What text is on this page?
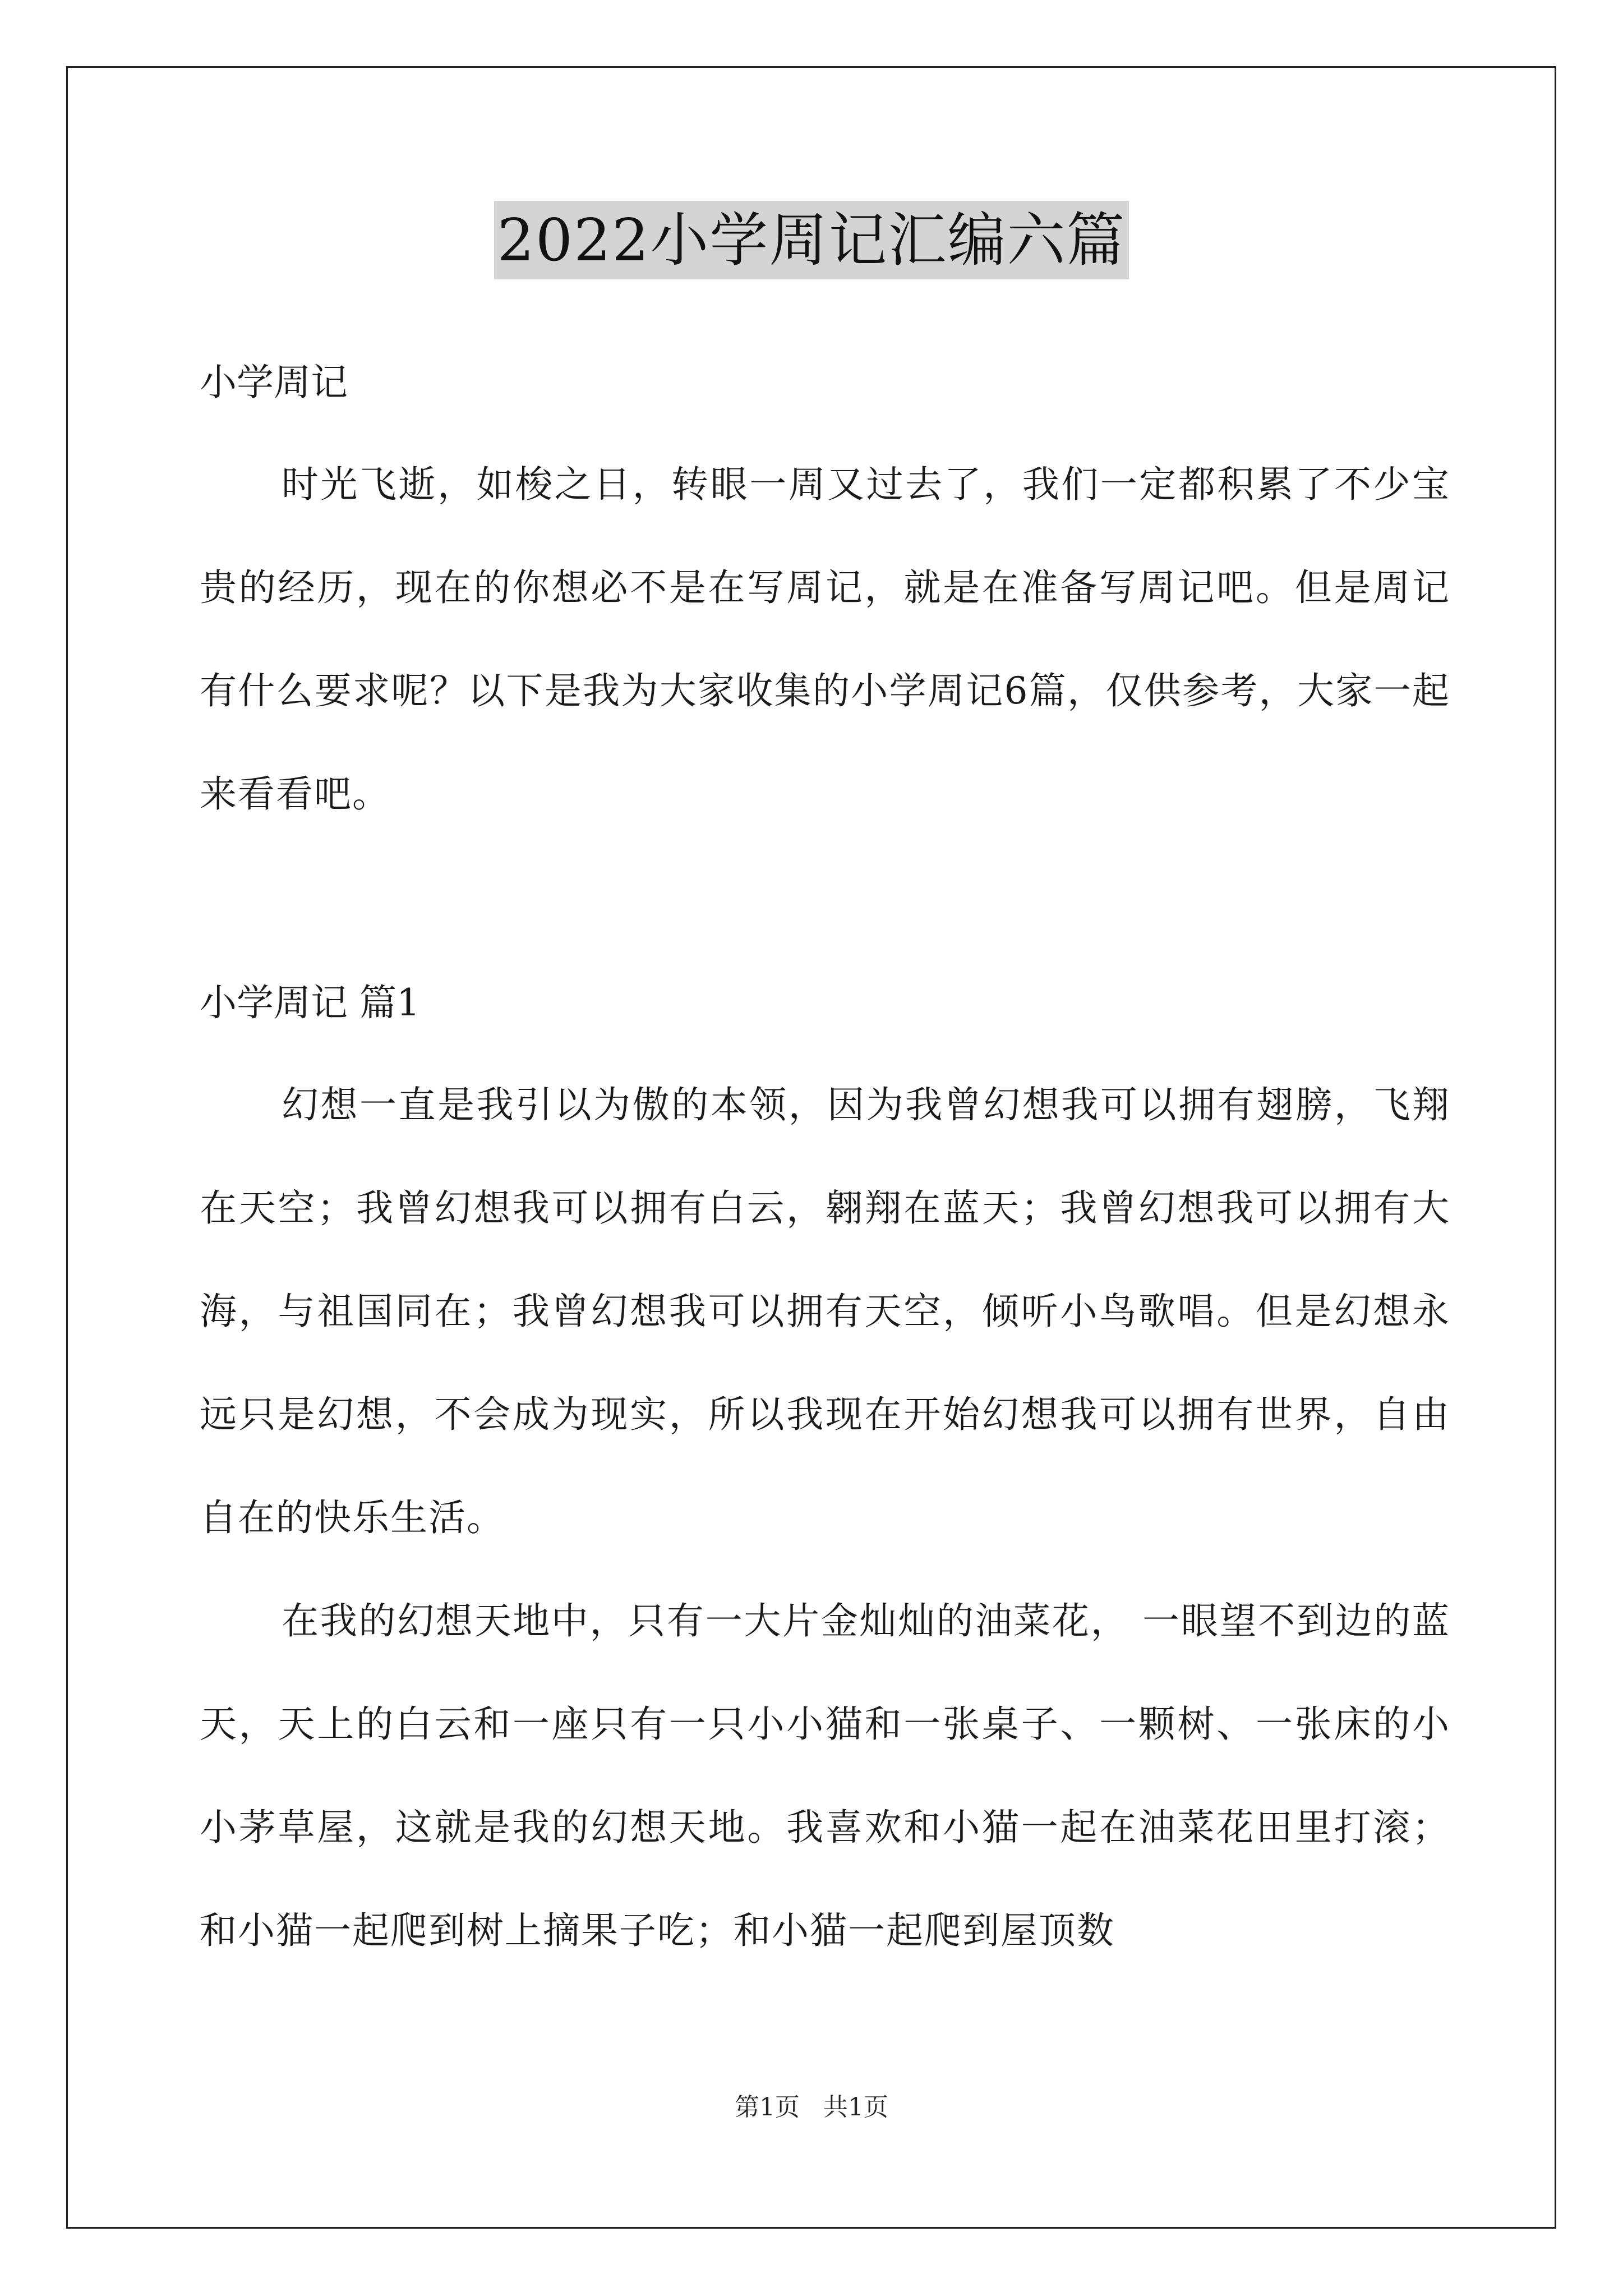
2022小学周记汇编六篇

小学周记

时光飞逝，如梭之日，转眼一周又过去了，我们一定都积累了不少宝贵的经历，现在的你想必不是在写周记，就是在准备写周记吧。但是周记有什么要求呢？以下是我为大家收集的小学周记6篇，仅供参考，大家一起来看看吧。

小学周记 篇1

幻想一直是我引以为傲的本领，因为我曾幻想我可以拥有翅膀，飞翔在天空；我曾幻想我可以拥有白云，翱翔在蓝天；我曾幻想我可以拥有大海，与祖国同在；我曾幻想我可以拥有天空，倾听小鸟歌唱。但是幻想永远只是幻想，不会成为现实，所以我现在开始幻想我可以拥有世界，自由自在的快乐生活。

在我的幻想天地中，只有一大片金灿灿的油菜花， 一眼望不到边的蓝天，天上的白云和一座只有一只小小猫和一张桌子、一颗树、一张床的小小茅草屋，这就是我的幻想天地。我喜欢和小猫一起在油菜花田里打滚； 和小猫一起爬到树上摘果子吃；和小猫一起爬到屋顶数

第1页   共1页
